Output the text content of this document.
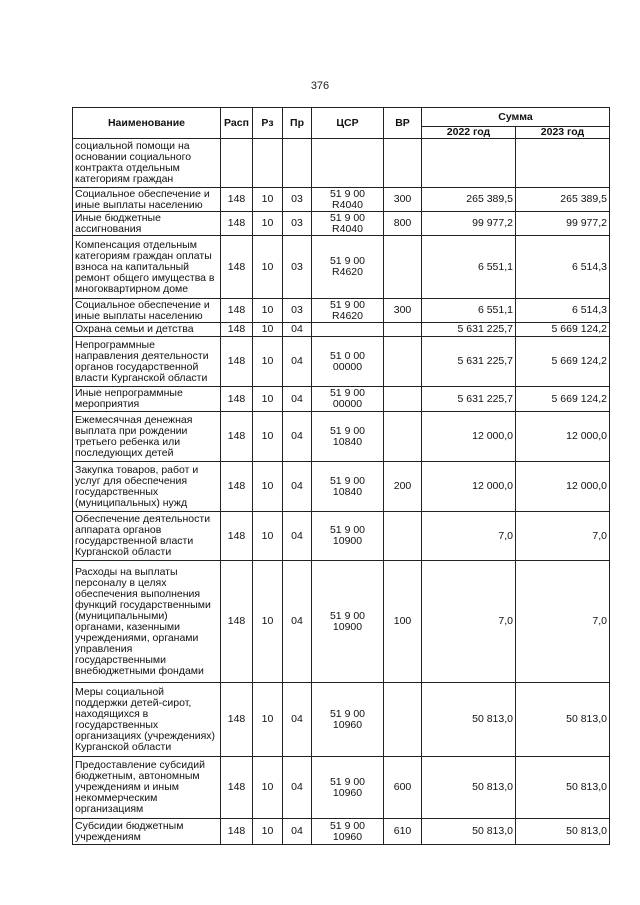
376
Наименование	Расп	Рз	Пр	ЦСР	ВР	Сумма	
						2022 год	2023 год
социальной помощи на основании социального контракта отдельным категориям граждан							
Социальное обеспечение и иные выплаты населению	148	10	03	51 9 00 R4040	300	265 389,5	265 389,5
Иные бюджетные ассигнования	148	10	03	51 9 00 R4040	800	99 977,2	99 977,2
Компенсация отдельным категориям граждан оплаты взноса на капитальный ремонт общего имущества в многоквартирном доме	148	10	03	51 9 00 R4620		6 551,1	6 514,3
Социальное обеспечение и иные выплаты населению	148	10	03	51 9 00 R4620	300	6 551,1	6 514,3
Охрана семьи и детства	148	10	04			5 631 225,7	5 669 124,2
Непрограммные направления деятельности органов государственной власти Курганской области	148	10	04	51 0 00 00000		5 631 225,7	5 669 124,2
Иные непрограммные мероприятия	148	10	04	51 9 00 00000		5 631 225,7	5 669 124,2
Ежемесячная денежная выплата при рождении третьего ребенка или последующих детей	148	10	04	51 9 00 10840		12 000,0	12 000,0
Закупка товаров, работ и услуг для обеспечения государственных (муниципальных) нужд	148	10	04	51 9 00 10840	200	12 000,0	12 000,0
Обеспечение деятельности аппарата органов государственной власти Курганской области	148	10	04	51 9 00 10900		7,0	7,0
Расходы на выплаты персоналу в целях обеспечения выполнения функций государственными (муниципальными) органами, казенными учреждениями, органами управления государственными внебюджетными фондами	148	10	04	51 9 00 10900	100	7,0	7,0
Меры социальной поддержки детей-сирот, находящихся в государственных организациях (учреждениях) Курганской области	148	10	04	51 9 00 10960		50 813,0	50 813,0
Предоставление субсидий бюджетным, автономным учреждениям и иным некоммерческим организациям	148	10	04	51 9 00 10960	600	50 813,0	50 813,0
Субсидии бюджетным учреждениям	148	10	04	51 9 00 10960	610	50 813,0	50 813,0
